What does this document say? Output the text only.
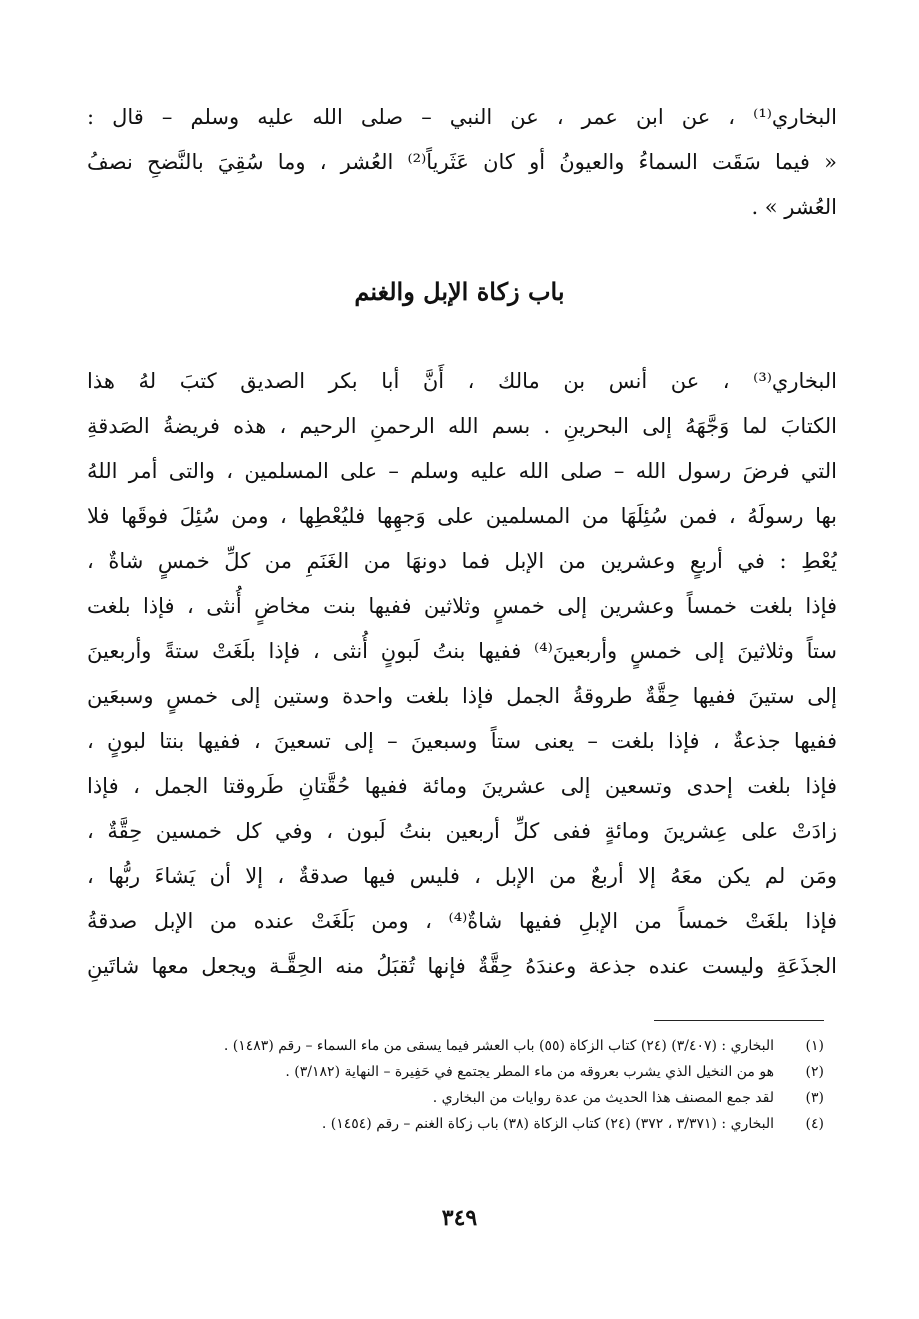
البخاري⁽¹⁾ ، عن ابن عمر ، عن النبي – صلى الله عليه وسلم – قال :
« فيما سَقَت السماءُ والعيونُ أو كان عَثَرياً⁽²⁾ العُشر ، وما سُقِيَ بالنَّضحِ نصفُ
العُشر » .
باب زكاة الإبل والغنم
البخاري⁽³⁾ ، عن أنس بن مالك ، أَنَّ أبا بكر الصديق كتبَ لهُ هذا
الكتابَ لما وَجَّهَهُ إلى البحرينِ . بسم الله الرحمنِ الرحيم ، هذه فريضةُ الصَدقةِ
التي فرضَ رسول الله – صلى الله عليه وسلم – على المسلمين ، والتى أمر اللهُ
بها رسولَهُ ، فمن سُئِلَهَا من المسلمين على وَجهِها فليُعْطِها ، ومن سُئِلَ فوقَها فلا
يُعْطِ : في أربعٍ وعشرين من الإبل فما دونهَا من الغَنَمِ من كلِّ خمسٍ شاةٌ ،
فإذا بلغت خمساً وعشرين إلى خمسٍ وثلاثين ففيها بنت مخاضٍ أُنثى ، فإذا بلغت
ستاً وثلاثينَ إلى خمسٍ وأربعينَ⁽⁴⁾ ففيها بنتُ لَبونٍ أُنثى ، فإذا بلَغَتْ ستةً وأربعينَ
إلى ستينَ ففيها حِقَّةٌ طروقةُ الجمل فإذا بلغت واحدة وستين إلى خمسٍ وسبعَين
ففيها جذعةٌ ، فإذا بلغت – يعنى ستاً وسبعينَ – إلى تسعينَ ، ففيها بنتا لبونٍ ،
فإذا بلغت إحدى وتسعين إلى عشرينَ ومائة ففيها حُقَّتانِ طَروقتا الجمل ، فإذا
زادَتْ على عِشرينَ ومائةٍ ففى كلِّ أربعين بنتُ لَبون ، وفي كل خمسين حِقَّةٌ ،
ومَن لم يكن معَهُ إلا أربعٌ من الإبل ، فليس فيها صدقةٌ ، إلا أن يَشاءَ ربُّها ،
فإذا بلغَتْ خمساً من الإبلِ ففيها شاةٌ⁽⁴⁾ ، ومن بَلَغَتْ عنده من الإبل صدقةُ
الجذَعَةِ وليست عنده جذعة وعندَهُ حِقَّةٌ فإنها تُقبَلُ منه الحِقَّـة ويجعل معها شاتَينِ
(١)
البخاري : (٣/٤٠٧) (٢٤) كتاب الزكاة (٥٥) باب العشر فيما يسقى من ماء السماء – رقم (١٤٨٣) .
(٢)
هو من النخيل الذي يشرب بعروقه من ماء المطر يجتمع في حَفِيرة – النهاية (٣/١٨٢) .
(٣)
لقد جمع المصنف هذا الحديث من عدة روايات من البخاري .
(٤)
البخاري : (٣/٣٧١ ، ٣٧٢) (٢٤) كتاب الزكاة (٣٨) باب زكاة الغنم – رقم (١٤٥٤) .
٣٤٩
